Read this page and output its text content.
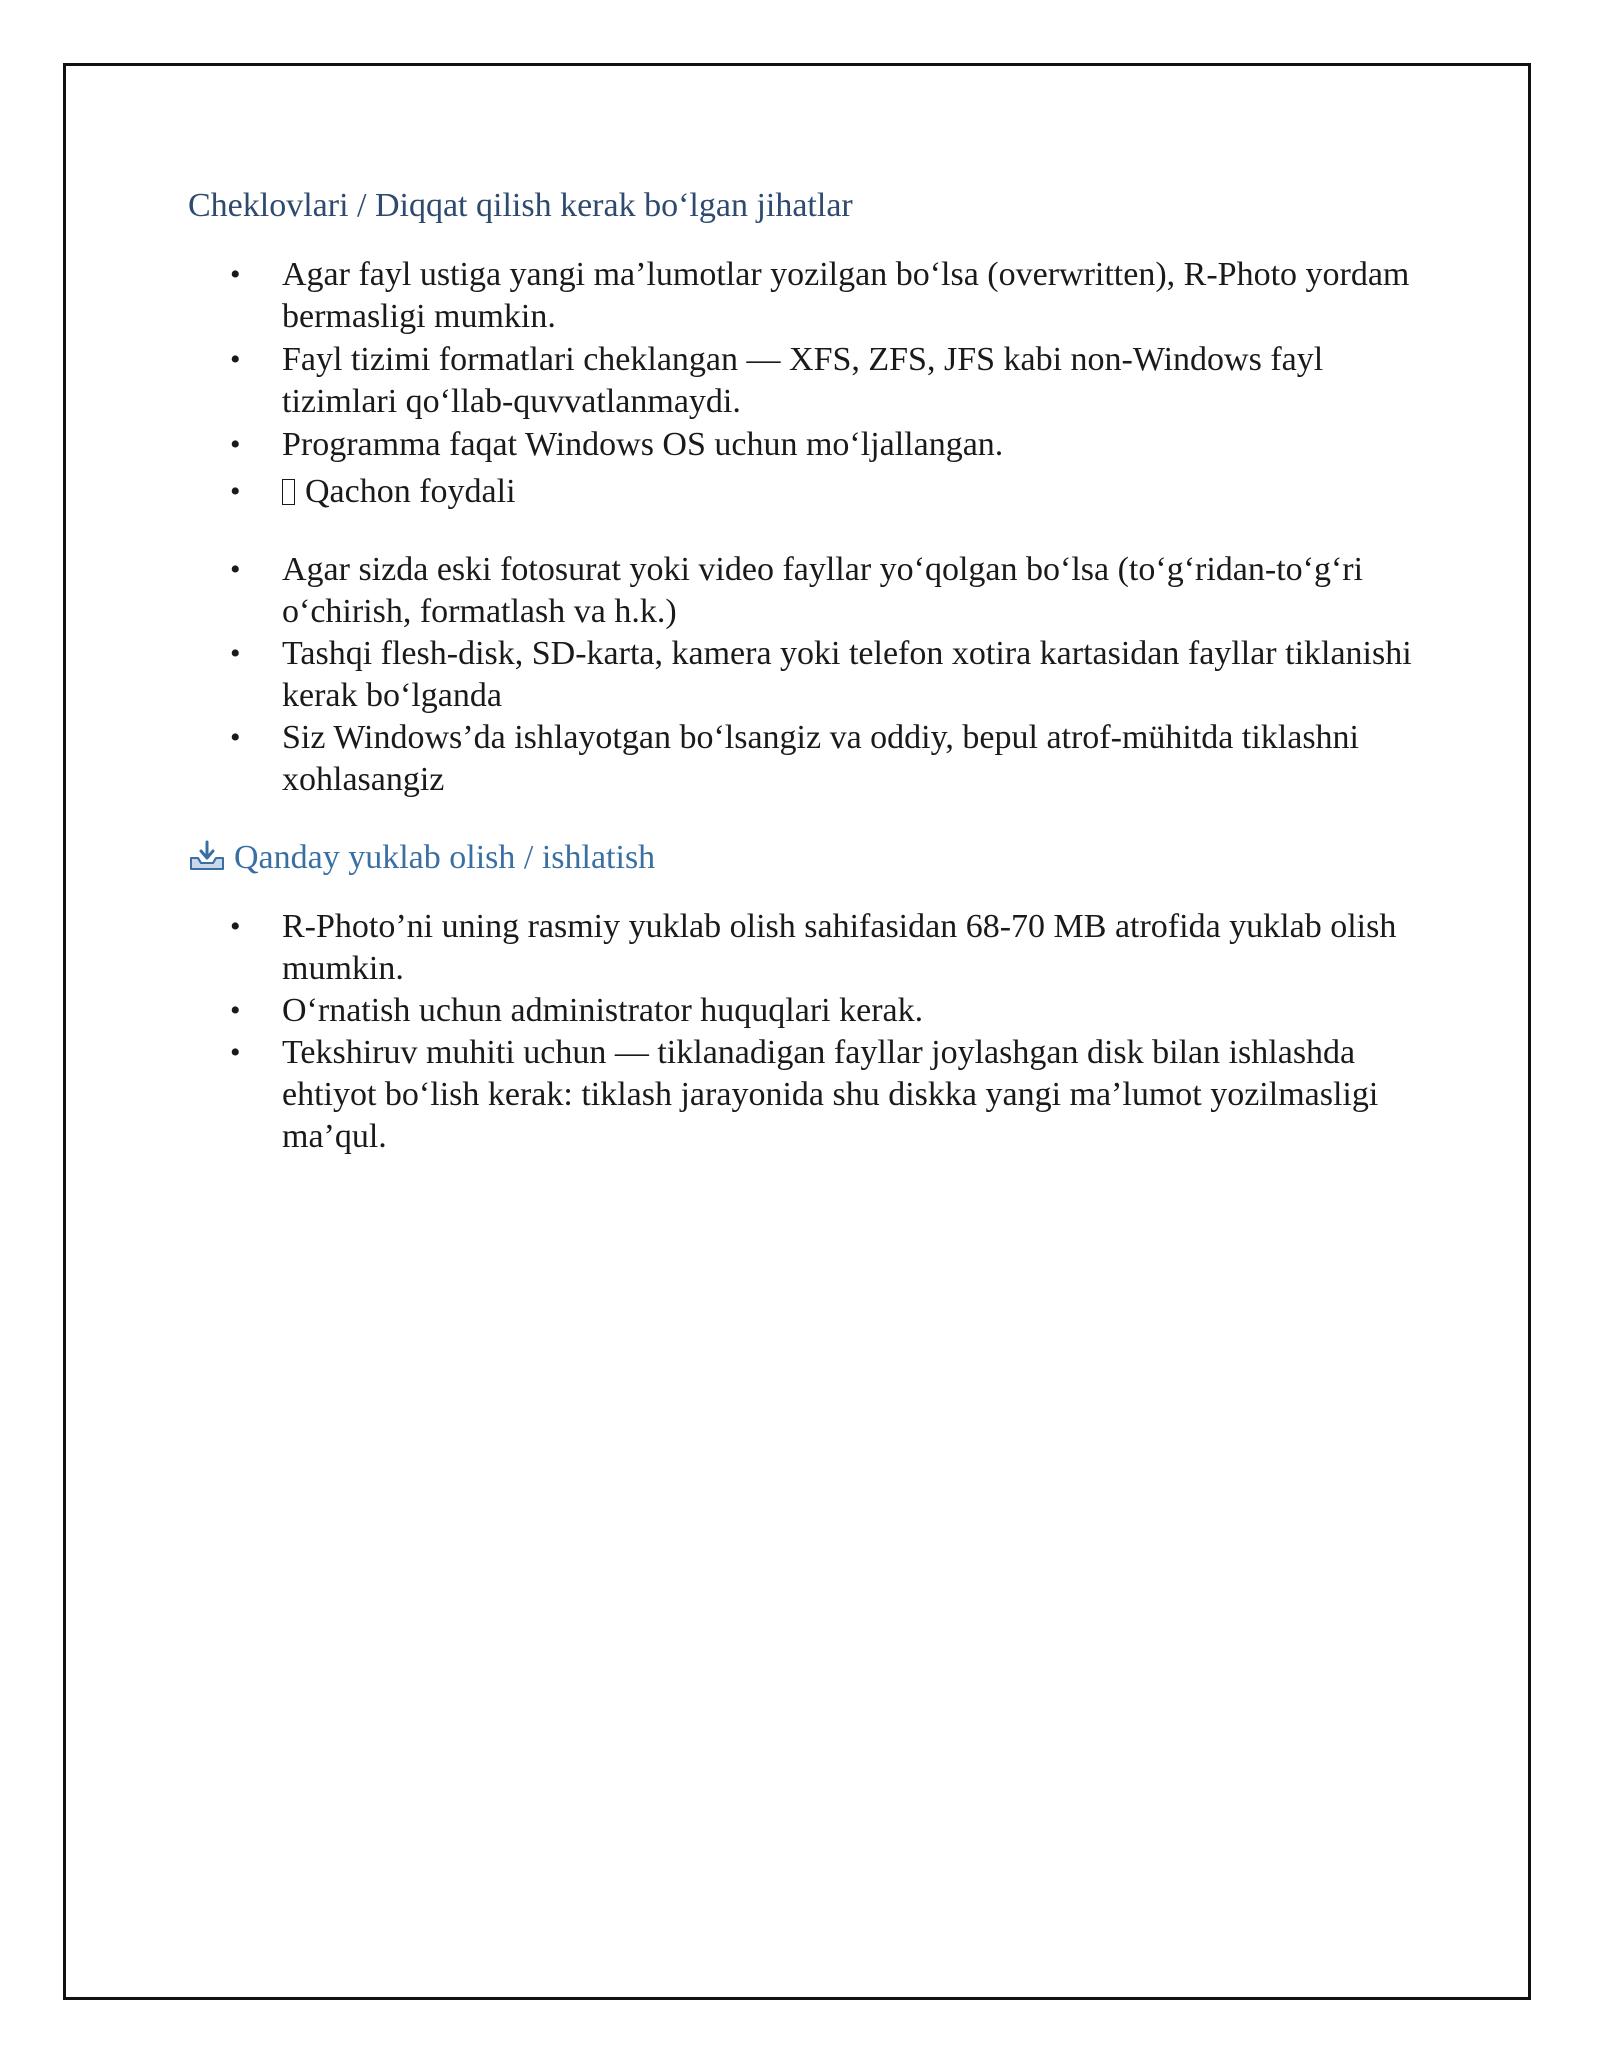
Cheklovlari / Diqqat qilish kerak bo‘lgan jihatlar
• Agar fayl ustiga yangi ma’lumotlar yozilgan bo‘lsa (overwritten), R-Photo yordam bermasligi mumkin.
• Fayl tizimi formatlari cheklangan — XFS, ZFS, JFS kabi non-Windows fayl tizimlari qo‘llab-quvvatlanmaydi.
• Programma faqat Windows OS uchun mo‘ljallangan.
• Qachon foydali
• Agar sizda eski fotosurat yoki video fayllar yo‘qolgan bo‘lsa (to‘g‘ridan-to‘g‘ri o‘chirish, formatlash va h.k.)
• Tashqi flesh-disk, SD-karta, kamera yoki telefon xotira kartasidan fayllar tiklanishi kerak bo‘lganda
• Siz Windows’da ishlayotgan bo‘lsangiz va oddiy, bepul atrof-mühitda tiklashni xohlasangiz
Qanday yuklab olish / ishlatish
• R-Photo’ni uning rasmiy yuklab olish sahifasidan 68-70 MB atrofida yuklab olish mumkin.
• O‘rnatish uchun administrator huquqlari kerak.
• Tekshiruv muhiti uchun — tiklanadigan fayllar joylashgan disk bilan ishlashda ehtiyot bo‘lish kerak: tiklash jarayonida shu diskka yangi ma’lumot yozilmasligi ma’qul.
